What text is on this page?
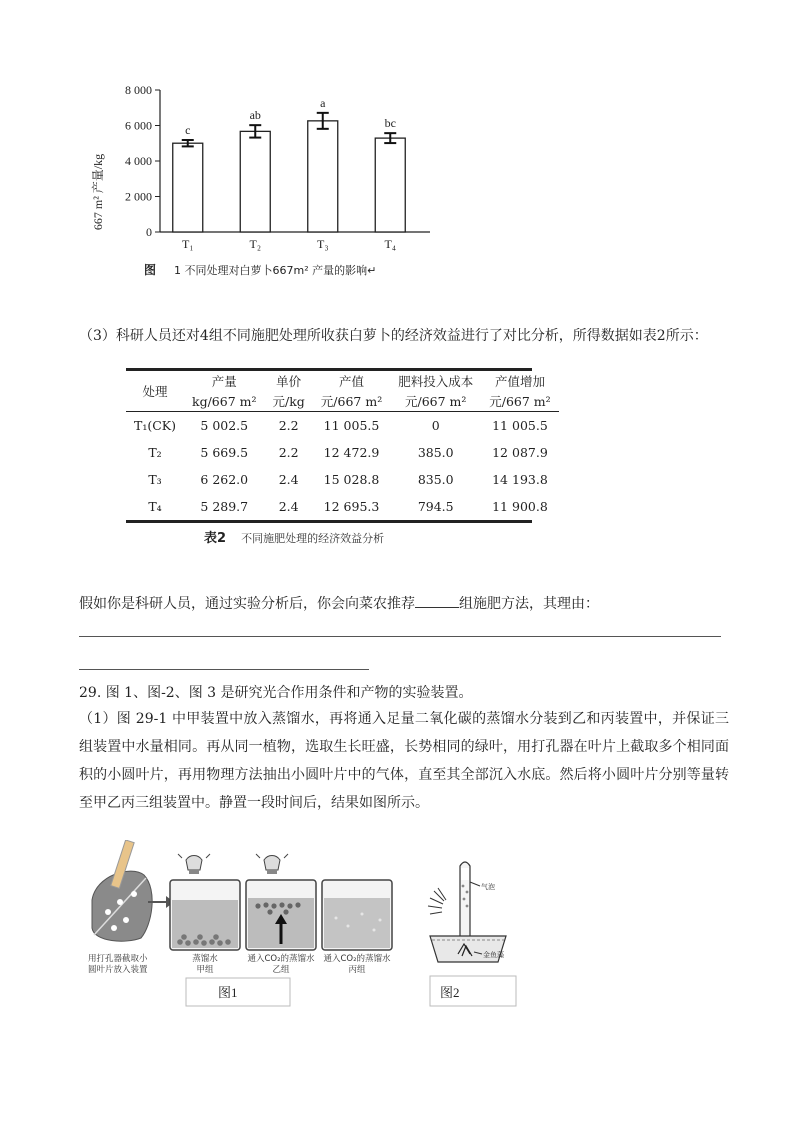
667 m² 产量/kg
0
2 000
4 000
6 000
8 000
c
T₁
ab
T₂
a
T₃
bc
T₄
图 1 不同处理对白萝卜667m² 产量的影响↵
（3）科研人员还对4组不同施肥处理所收获白萝卜的经济效益进行了对比分析，所得数据如表2所示：
处理	产量	单价	产值	肥料投入成本	产值增加
	kg/667 m²	元/kg	元/667 m²	元/667 m²	元/667 m²
T₁(CK)	5 002.5	2.2	11 005.5	0	11 005.5
T₂	5 669.5	2.2	12 472.9	385.0	12 087.9
T₃	6 262.0	2.4	15 028.8	835.0	14 193.8
T₄	5 289.7	2.4	12 695.3	794.5	11 900.8
表2 不同施肥处理的经济效益分析
假如你是科研人员，通过实验分析后，你会向菜农推荐	组施肥方法，其理由：
29. 图 1、图-2、图 3 是研究光合作用条件和产物的实验装置。
（1）图 29-1 中甲装置中放入蒸馏水，再将通入足量二氧化碳的蒸馏水分装到乙和丙装置中，并保证三组装置中水量相同。再从同一植物，选取生长旺盛，长势相同的绿叶，用打孔器在叶片上截取多个相同面积的小圆叶片，再用物理方法抽出小圆叶片中的气体，直至其全部沉入水底。然后将小圆叶片分别等量转至甲乙丙三组装置中。静置一段时间后，结果如图所示。
用打孔器截取小
圆叶片放入装置
蒸馏水
甲组
通入CO₂的蒸馏水
乙组
通入CO₂的蒸馏水
丙组
图1
气泡
金鱼藻
图2
